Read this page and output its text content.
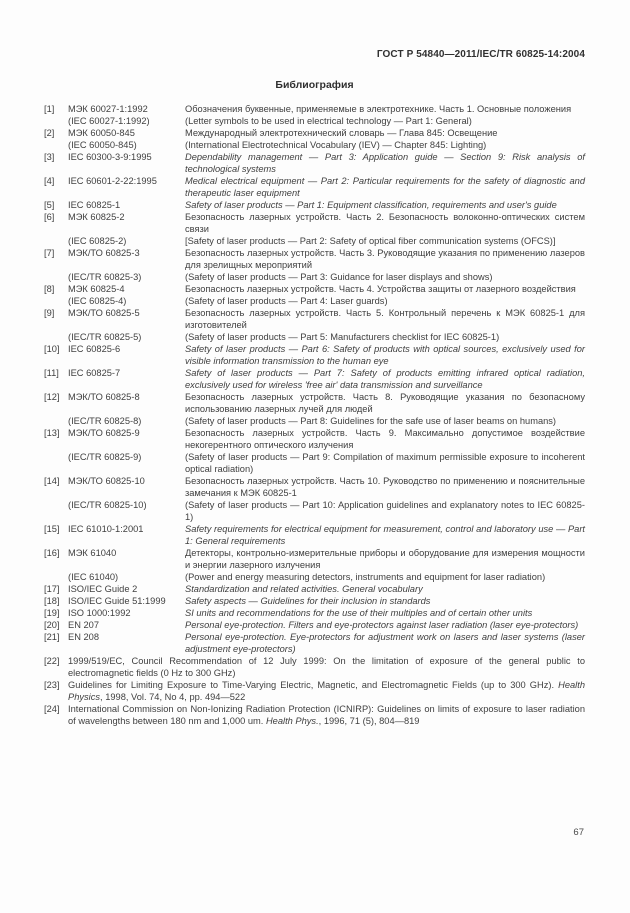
ГОСТ Р 54840—2011/IEC/TR 60825-14:2004
Библиография
[1]	МЭК 60027-1:1992	Обозначения буквенные, применяемые в электротехнике. Часть 1. Основные положения
(IEC 60027-1:1992)	(Letter symbols to be used in electrical technology — Part 1: General)
[2]	МЭК 60050-845	Международный электротехнический словарь — Глава 845: Освещение
(IEC 60050-845)	(International Electrotechnical Vocabulary (IEV) — Chapter 845: Lighting)
[3]	IEC 60300-3-9:1995	Dependability management — Part 3: Application guide — Section 9: Risk analysis of technological systems
[4]	IEC 60601-2-22:1995	Medical electrical equipment — Part 2: Particular requirements for the safety of diagnostic and therapeutic laser equipment
[5]	IEC 60825-1	Safety of laser products — Part 1: Equipment classification, requirements and user's guide
[6]	МЭК 60825-2	Безопасность лазерных устройств. Часть 2. Безопасность волоконно-оптических систем связи
(IEC 60825-2)	[Safety of laser products — Part 2: Safety of optical fiber communication systems (OFCS)]
[7]	МЭК/ТО 60825-3	Безопасность лазерных устройств. Часть 3. Руководящие указания по применению лазеров для зрелищных мероприятий
(IEC/TR 60825-3)	(Safety of laser products — Part 3: Guidance for laser displays and shows)
[8]	МЭК 60825-4	Безопасность лазерных устройств. Часть 4. Устройства защиты от лазерного воздействия
(IEC 60825-4)	(Safety of laser products — Part 4: Laser guards)
[9]	МЭК/ТО 60825-5	Безопасность лазерных устройств. Часть 5. Контрольный перечень к МЭК 60825-1 для изготовителей
(IEC/TR 60825-5)	(Safety of laser products — Part 5: Manufacturers checklist for IEC 60825-1)
[10] IEC 60825-6	Safety of laser products — Part 6: Safety of products with optical sources, exclusively used for visible information transmission to the human eye
[11] IEC 60825-7	Safety of laser products — Part 7: Safety of products emitting infrared optical radiation, exclusively used for wireless 'free air' data transmission and surveillance
[12] МЭК/ТО 60825-8	Безопасность лазерных устройств. Часть 8. Руководящие указания по безопасному использованию лазерных лучей для людей
(IEC/TR 60825-8)	(Safety of laser products — Part 8: Guidelines for the safe use of laser beams on humans)
[13] МЭК/ТО 60825-9	Безопасность лазерных устройств. Часть 9. Максимально допустимое воздействие некогерентного оптического излучения
(IEC/TR 60825-9)	(Safety of laser products — Part 9: Compilation of maximum permissible exposure to incoherent optical radiation)
[14] МЭК/ТО 60825-10	Безопасность лазерных устройств. Часть 10. Руководство по применению и пояснительные замечания к МЭК 60825-1
(IEC/TR 60825-10)	(Safety of laser products — Part 10: Application guidelines and explanatory notes to IEC 60825-1)
[15] IEC 61010-1:2001	Safety requirements for electrical equipment for measurement, control and laboratory use — Part 1: General requirements
[16] МЭК 61040	Детекторы, контрольно-измерительные приборы и оборудование для измерения мощности и энергии лазерного излучения
(IEC 61040)	(Power and energy measuring detectors, instruments and equipment for laser radiation)
[17] ISO/IEC Guide 2	Standardization and related activities. General vocabulary
[18] ISO/IEC Guide 51:1999	Safety aspects — Guidelines for their inclusion in standards
[19] ISO 1000:1992	SI units and recommendations for the use of their multiples and of certain other units
[20] EN 207	Personal eye-protection. Filters and eye-protectors against laser radiation (laser eye-protectors)
[21] EN 208	Personal eye-protection. Eye-protectors for adjustment work on lasers and laser systems (laser adjustment eye-protectors)
[22] 1999/519/EC, Council Recommendation of 12 July 1999: On the limitation of exposure of the general public to electromagnetic fields (0 Hz to 300 GHz)
[23] Guidelines for Limiting Exposure to Time-Varying Electric, Magnetic, and Electromagnetic Fields (up to 300 GHz). Health Physics, 1998, Vol. 74, No 4, pp. 494—522
[24] International Commission on Non-Ionizing Radiation Protection (ICNIRP): Guidelines on limits of exposure to laser radiation of wavelengths between 180 nm and 1,000 um. Health Phys., 1996, 71 (5), 804—819
67
